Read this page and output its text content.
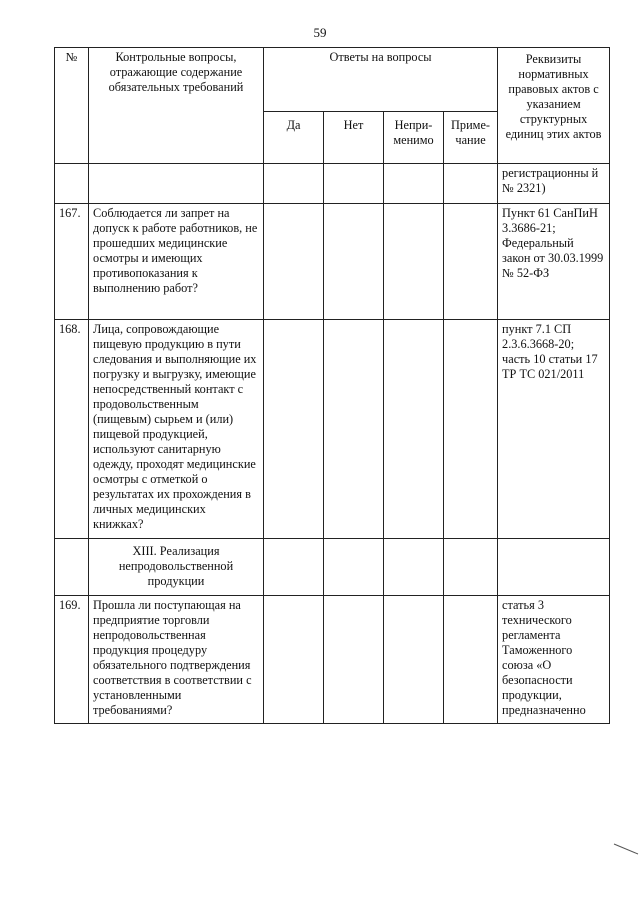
59
№	Контрольные вопросы, отражающие содержание обязательных требований	Ответы на вопросы				Реквизиты нормативных правовых актов с указанием структурных единиц этих актов
		Да	Нет	Непри-менимо	Приме-чание	
						регистрационны й № 2321)
167.	Соблюдается ли запрет на допуск к работе работников, не прошедших медицинские осмотры и имеющих противопоказания к выполнению работ?					Пункт 61 СанПиН 3.3686-21; Федеральный закон от 30.03.1999 № 52-ФЗ
168.	Лица, сопровождающие пищевую продукцию в пути следования и выполняющие их погрузку и выгрузку, имеющие непосредственный контакт с продовольственным (пищевым) сырьем и (или) пищевой продукцией, используют санитарную одежду, проходят медицинские осмотры с отметкой о результатах их прохождения в личных медицинских книжках?					пункт 7.1 СП 2.3.6.3668-20; часть 10 статьи 17 ТР ТС 021/2011
	XIII. Реализация непродовольственной продукции					
169.	Прошла ли поступающая на предприятие торговли непродовольственная продукция процедуру обязательного подтверждения соответствия в соответствии с установленными требованиями?					статья 3 технического регламента Таможенного союза «О безопасности продукции, предназначенно
